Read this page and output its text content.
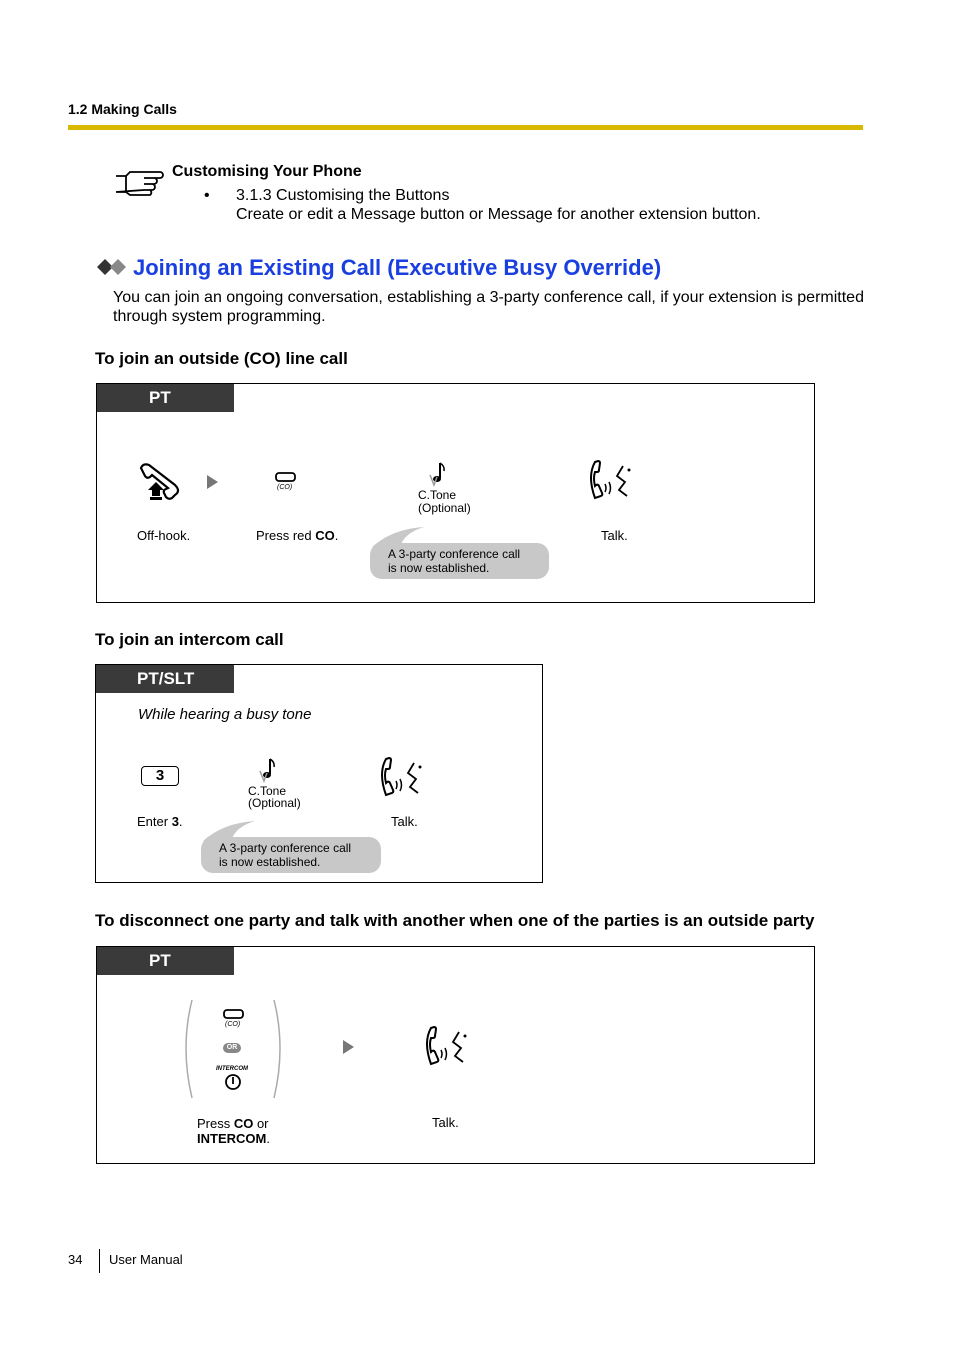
1.2 Making Calls
Customising Your Phone
• 3.1.3 Customising the Buttons
Create or edit a Message button or Message for another extension button.
Joining an Existing Call (Executive Busy Override)
You can join an ongoing conversation, establishing a 3-party conference call, if your extension is permitted through system programming.
To join an outside (CO) line call
PT
(CO)
C.Tone
(Optional)
Off-hook.	Press red CO.	Talk.
A 3-party conference call
is now established.
To join an intercom call
PT/SLT
While hearing a busy tone
3
C.Tone
(Optional)
Enter 3.	Talk.
A 3-party conference call
is now established.
To disconnect one party and talk with another when one of the parties is an outside party
PT
(CO)
OR
INTERCOM
Press CO or
INTERCOM.
Talk.
34 User Manual
